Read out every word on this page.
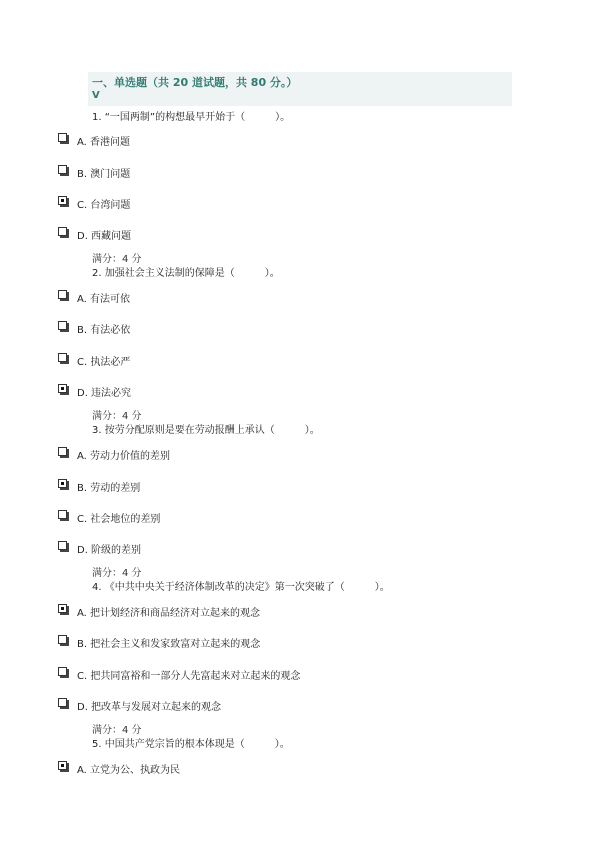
一、单选题（共 20 道试题，共 80 分。）
V
1. “一国两制”的构想最早开始于（　　　）。
A. 香港问题
B. 澳门问题
C. 台湾问题
D. 西藏问题
满分：4 分
2. 加强社会主义法制的保障是（　　　）。
A. 有法可依
B. 有法必依
C. 执法必严
D. 违法必究
满分：4 分
3. 按劳分配原则是要在劳动报酬上承认（　　　）。
A. 劳动力价值的差别
B. 劳动的差别
C. 社会地位的差别
D. 阶级的差别
满分：4 分
4. 《中共中央关于经济体制改革的决定》第一次突破了（　　　）。
A. 把计划经济和商品经济对立起来的观念
B. 把社会主义和发家致富对立起来的观念
C. 把共同富裕和一部分人先富起来对立起来的观念
D. 把改革与发展对立起来的观念
满分：4 分
5. 中国共产党宗旨的根本体现是（　　　）。
A. 立党为公、执政为民
